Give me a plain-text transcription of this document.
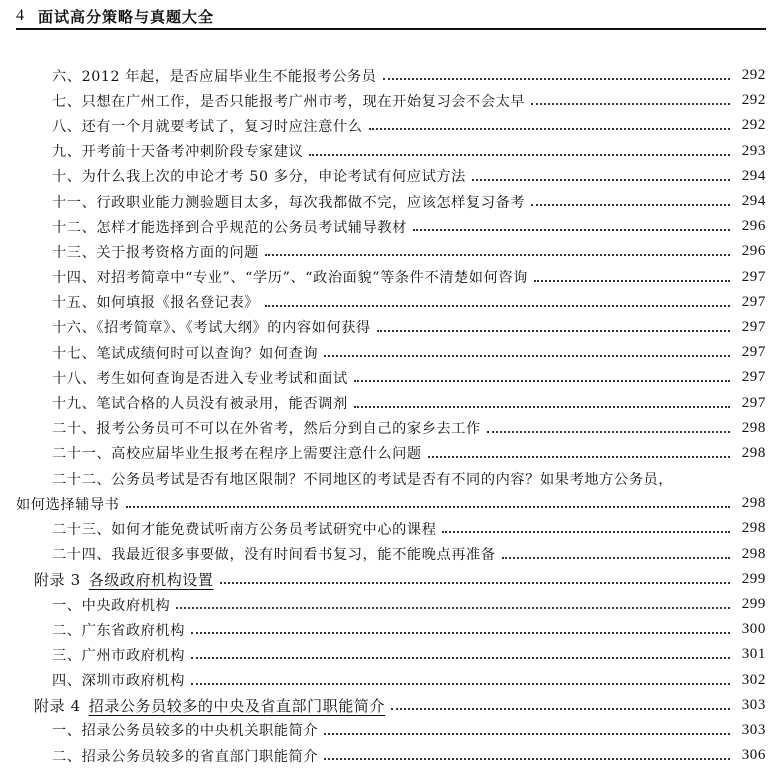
4 面试高分策略与真题大全
六、2012 年起，是否应届毕业生不能报考公务员	292
七、只想在广州工作，是否只能报考广州市考，现在开始复习会不会太早	292
八、还有一个月就要考试了，复习时应注意什么	292
九、开考前十天备考冲刺阶段专家建议	293
十、为什么我上次的申论才考 50 多分，申论考试有何应试方法	294
十一、行政职业能力测验题目太多，每次我都做不完，应该怎样复习备考	294
十二、怎样才能选择到合乎规范的公务员考试辅导教材	296
十三、关于报考资格方面的问题	296
十四、对招考简章中“专业”、“学历”、“政治面貌”等条件不清楚如何咨询	297
十五、如何填报《报名登记表》	297
十六、《招考简章》、《考试大纲》的内容如何获得	297
十七、笔试成绩何时可以查询？如何查询	297
十八、考生如何查询是否进入专业考试和面试	297
十九、笔试合格的人员没有被录用，能否调剂	297
二十、报考公务员可不可以在外省考，然后分到自己的家乡去工作	298
二十一、高校应届毕业生报考在程序上需要注意什么问题	298
二十二、公务员考试是否有地区限制？不同地区的考试是否有不同的内容？如果考地方公务员，
如何选择辅导书	298
二十三、如何才能免费试听南方公务员考试研究中心的课程	298
二十四、我最近很多事要做，没有时间看书复习，能不能晚点再准备	298
附录 3 各级政府机构设置	299
一、中央政府机构	299
二、广东省政府机构	300
三、广州市政府机构	301
四、深圳市政府机构	302
附录 4 招录公务员较多的中央及省直部门职能简介	303
一、招录公务员较多的中央机关职能简介	303
二、招录公务员较多的省直部门职能简介	306
